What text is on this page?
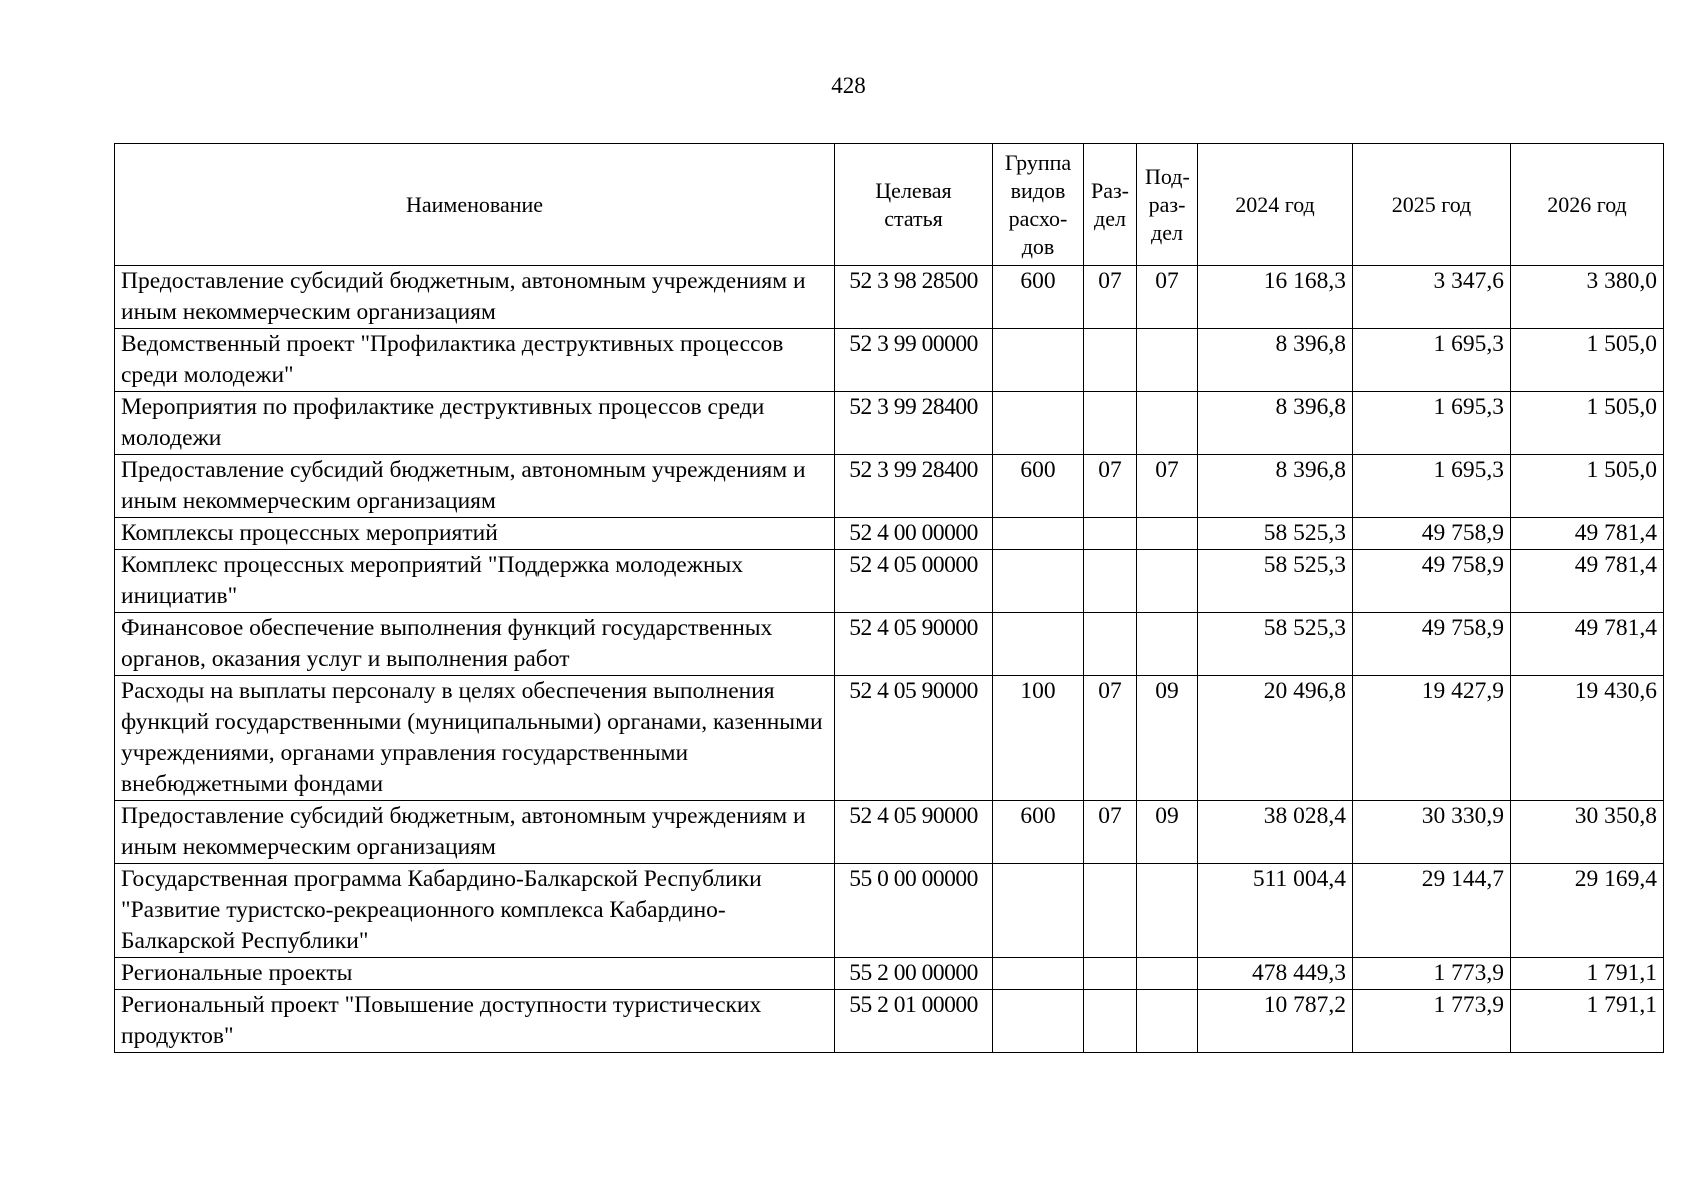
428
Наименование	Целевая статья	Группа видов расхо- дов	Раз- дел	Под- раз- дел	2024 год	2025 год	2026 год
Предоставление субсидий бюджетным, автономным учреждениям и иным некоммерческим организациям	52 3 98 28500	600	07	07	16 168,3	3 347,6	3 380,0
Ведомственный проект "Профилактика деструктивных процессов среди молодежи"	52 3 99 00000				8 396,8	1 695,3	1 505,0
Мероприятия по профилактике деструктивных процессов среди молодежи	52 3 99 28400				8 396,8	1 695,3	1 505,0
Предоставление субсидий бюджетным, автономным учреждениям и иным некоммерческим организациям	52 3 99 28400	600	07	07	8 396,8	1 695,3	1 505,0
Комплексы процессных мероприятий	52 4 00 00000				58 525,3	49 758,9	49 781,4
Комплекс процессных мероприятий "Поддержка молодежных инициатив"	52 4 05 00000				58 525,3	49 758,9	49 781,4
Финансовое обеспечение выполнения функций государственных органов, оказания услуг и выполнения работ	52 4 05 90000				58 525,3	49 758,9	49 781,4
Расходы на выплаты персоналу в целях обеспечения выполнения функций государственными (муниципальными) органами, казенными учреждениями, органами управления государственными внебюджетными фондами	52 4 05 90000	100	07	09	20 496,8	19 427,9	19 430,6
Предоставление субсидий бюджетным, автономным учреждениям и иным некоммерческим организациям	52 4 05 90000	600	07	09	38 028,4	30 330,9	30 350,8
Государственная программа Кабардино-Балкарской Республики "Развитие туристско-рекреационного комплекса Кабардино-Балкарской Республики"	55 0 00 00000				511 004,4	29 144,7	29 169,4
Региональные проекты	55 2 00 00000				478 449,3	1 773,9	1 791,1
Региональный проект "Повышение доступности туристических продуктов"	55 2 01 00000				10 787,2	1 773,9	1 791,1
